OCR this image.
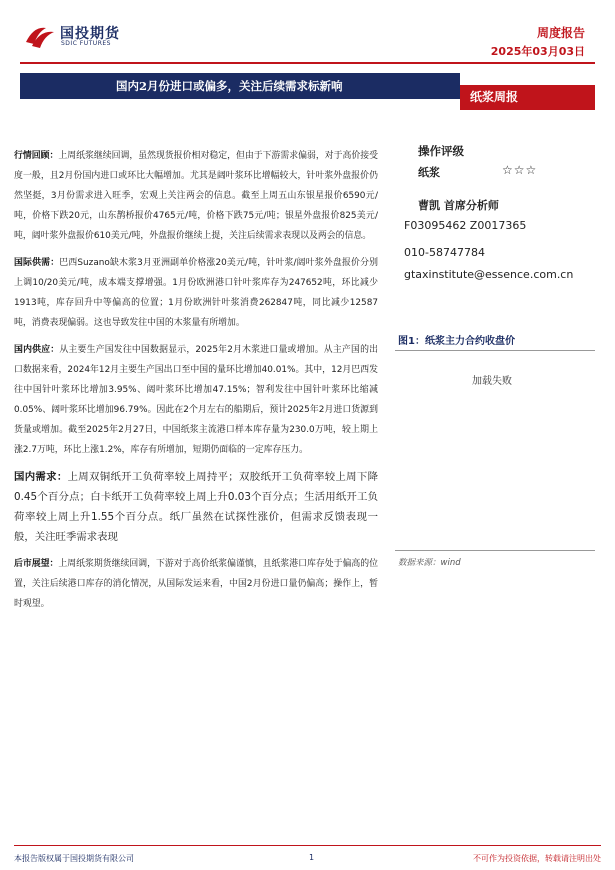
国投期货
SDIC FUTURES
周度报告
2025年03月03日
国内2月份进口或偏多，关注后续需求标新响
纸浆周报

行情回顾：上周纸浆继续回调，虽然现货报价相对稳定，但由于下游需求偏弱，对于高价接受度一般，且2月份国内进口或环比大幅增加。尤其是阔叶浆环比增幅较大，针叶浆外盘报价仍然坚挺，3月份需求进入旺季，宏观上关注两会的信息。截至上周五山东银星报价6590元/吨，价格下跌20元，山东鹊桥报价4765元/吨，价格下跌75元/吨；银星外盘报价825美元/吨，阔叶浆外盘报价610美元/吨，外盘报价继续上提，关注后续需求表现以及两会的信息。

国际供需：巴西Suzano缺木浆3月亚洲副单价格涨20美元/吨，针叶浆/阔叶浆外盘报价分别上调10/20美元/吨，成本端支撑增强。1月份欧洲港口针叶浆库存为247652吨，环比减少1913吨，库存回升中等偏高的位置；1月份欧洲针叶浆消费262847吨，同比减少12587吨，消费表现偏弱。这也导致发往中国的木浆量有所增加。

国内供应：从主要生产国发往中国数据显示，2025年2月木浆进口量或增加。从主产国的出口数据来看，2024年12月主要生产国出口至中国的量环比增加40.01%。其中，12月巴西发往中国针叶浆环比增加3.95%、阔叶浆环比增加47.15%；智利发往中国针叶浆环比缩减0.05%、阔叶浆环比增加96.79%。因此在2个月左右的船期后，预计2025年2月进口货源到货量或增加。截至2025年2月27日，中国纸浆主流港口样本库存量为230.0万吨，较上期上涨2.7万吨，环比上涨1.2%，库存有所增加，短期仍面临的一定库存压力。

国内需求：上周双铜纸开工负荷率较上周持平；双胶纸开工负荷率较上周下降0.45个百分点；白卡纸开工负荷率较上周上升0.03个百分点；生活用纸开工负荷率较上周上升1.55个百分点。纸厂虽然在试探性涨价，但需求反馈表现一般，关注旺季需求表现

后市展望：上周纸浆期货继续回调，下游对于高价纸浆偏谨慎，且纸浆港口库存处于偏高的位置，关注后续港口库存的消化情况，从国际发运来看，中国2月份进口量仍偏高；操作上，暂时观望。

操作评级
纸浆	☆☆☆
曹凯 首席分析师
F03095462 Z0017365
010-58747784
gtaxinstitute@essence.com.cn
图1：纸浆主力合约收盘价
加载失败
数据来源：wind
本报告版权属于国投期货有限公司	1	不可作为投资依据，转载请注明出处
